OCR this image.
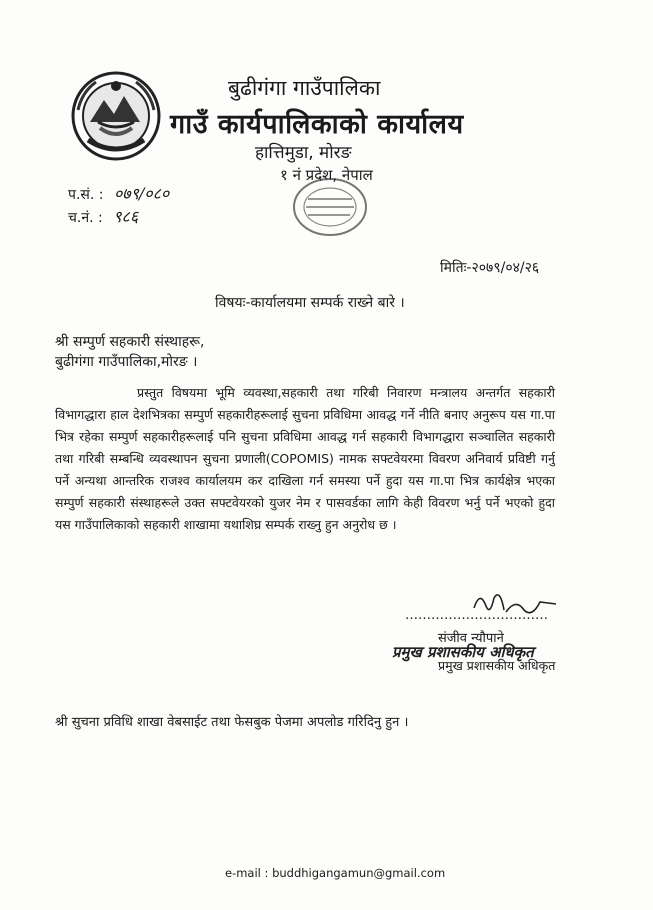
बुढीगंगा गाउँपालिका
गाउँ कार्यपालिकाको कार्यालय
हात्तिमुडा, मोरङ
१ नं प्रदेश, नेपाल
प.सं. : ०७९/०८०
च.नं. : ९८६
मितिः-२०७९/०४/२६
विषयः-कार्यालयमा सम्पर्क राख्ने बारे ।
श्री सम्पुर्ण सहकारी संस्थाहरू,
बुढीगंगा गाउँपालिका,मोरङ ।

प्रस्तुत विषयमा भूमि व्यवस्था,सहकारी तथा गरिबी निवारण मन्त्रालय अन्तर्गत सहकारी विभागद्धारा हाल देशभित्रका सम्पुर्ण सहकारीहरूलाई सुचना प्रविधिमा आवद्ध गर्ने नीति बनाए अनुरूप यस गा.पा भित्र रहेका सम्पुर्ण सहकारीहरूलाई पनि सुचना प्रविधिमा आवद्ध गर्न सहकारी विभागद्धारा सञ्चालित सहकारी तथा गरिबी सम्बन्धि व्यवस्थापन सुचना प्रणाली(COPOMIS) नामक सफ्टवेयरमा विवरण अनिवार्य प्रविष्टी गर्नु पर्ने अन्यथा आन्तरिक राजश्व कार्यालयम कर दाखिला गर्न समस्या पर्ने हुदा यस गा.पा भित्र कार्यक्षेत्र भएका सम्पुर्ण सहकारी संस्थाहरूले उक्त सफ्टवेयरको युजर नेम र पासवर्डका लागि केही विवरण भर्नु पर्ने भएको हुदा यस गाउँपालिकाको सहकारी शाखामा यथाशिघ्र सम्पर्क राख्नु हुन अनुरोध छ ।

……………………………
संजीव न्यौपाने
प्रमुख प्रशासकीय अधिकृत
प्रमुख प्रशासकीय अधिकृत
श्री सुचना प्रविधि शाखा वेबसाईट तथा फेसबुक पेजमा अपलोड गरिदिनु हुन ।
e-mail : buddhigangamun@gmail.com
